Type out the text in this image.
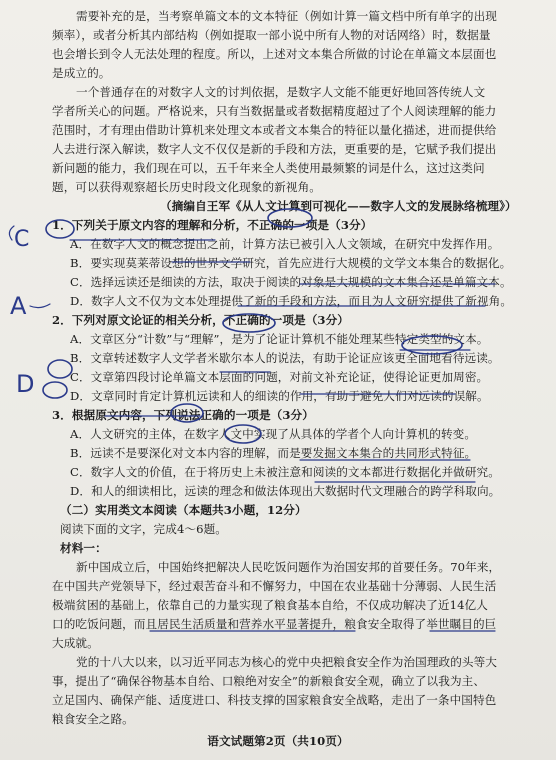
需要补充的是，当考察单篇文本的文本特征（例如计算一篇文档中所有单字的出现
频率），或者分析其内部结构（例如提取一部小说中所有人物的对话网络）时，数据量
也会增长到令人无法处理的程度。所以，上述对文本集合所做的讨论在单篇文本层面也
是成立的。
一个普通存在的对数字人文的讨判依据，是数字人文能不能更好地回答传统人文
学者所关心的问题。严格说来，只有当数据量或者数据精度超过了个人阅读理解的能力
范围时，才有理由借助计算机来处理文本或者文本集合的特征以量化描述，进而提供给
人去进行深入解读，数字人文不仅仅是新的手段和方法，更重要的是，它赋予我们提出
新问题的能力，我们现在可以，五千年来全人类使用最频繁的词是什么，这过这类问
题，可以获得观察超长历史时段文化现象的新视角。
（摘编自王军《从人文计算到可视化——数字人文的发展脉络梳理》）
1．下列关于原文内容的理解和分析，不正确的一项是（3分）
A．在数字人文的概念提出之前，计算方法已被引入人文领域，在研究中发挥作用。
B．要实现莫莱蒂设想的世界文学研究，首先应进行大规模的文学文本集合的数据化。
C．选择远读还是细读的方法，取决于阅读的对象是大规模的文本集合还是单篇文本。
D．数字人文不仅为文本处理提供了新的手段和方法，而且为人文研究提供了新视角。
2．下列对原文论证的相关分析，不正确的一项是（3分）
A．文章区分“计数”与“理解”，是为了论证计算机不能处理某些特定类型的文本。
B．文章转述数字人文学者米歇尔本人的说法，有助于论证应该更全面地看待远读。
C．文章第四段讨论单篇文本层面的问题，对前文补充论证，使得论证更加周密。
D．文章同时肯定计算机远读和人的细读的作用，有助于避免人们对远读的误解。
3．根据原文内容，下列说法正确的一项是（3分）
A．人文研究的主体，在数字人文中实现了从具体的学者个人向计算机的转变。
B．远读不是要深化对文本内容的理解，而是要发掘文本集合的共同形式特征。
C．数字人文的价值，在于将历史上未被注意和阅读的文本都进行数据化并做研究。
D．和人的细读相比，远读的理念和做法体现出大数据时代文理融合的跨学科取向。
（二）实用类文本阅读（本题共3小题，12分）
阅读下面的文字，完成4～6题。
材料一：
新中国成立后，中国始终把解决人民吃饭问题作为治国安邦的首要任务。70年来，
在中国共产党领导下，经过艰苦奋斗和不懈努力，中国在农业基础十分薄弱、人民生活
极端贫困的基础上，依靠自己的力量实现了粮食基本自给，不仅成功解决了近14亿人
口的吃饭问题，而且居民生活质量和营养水平显著提升，粮食安全取得了举世瞩目的巨
大成就。
党的十八大以来，以习近平同志为核心的党中央把粮食安全作为治国理政的头等大
事，提出了“确保谷物基本自给、口粮绝对安全”的新粮食安全观，确立了以我为主、
立足国内、确保产能、适度进口、科技支撑的国家粮食安全战略，走出了一条中国特色
粮食安全之路。
语文试题第2页（共10页）
C
A
D
